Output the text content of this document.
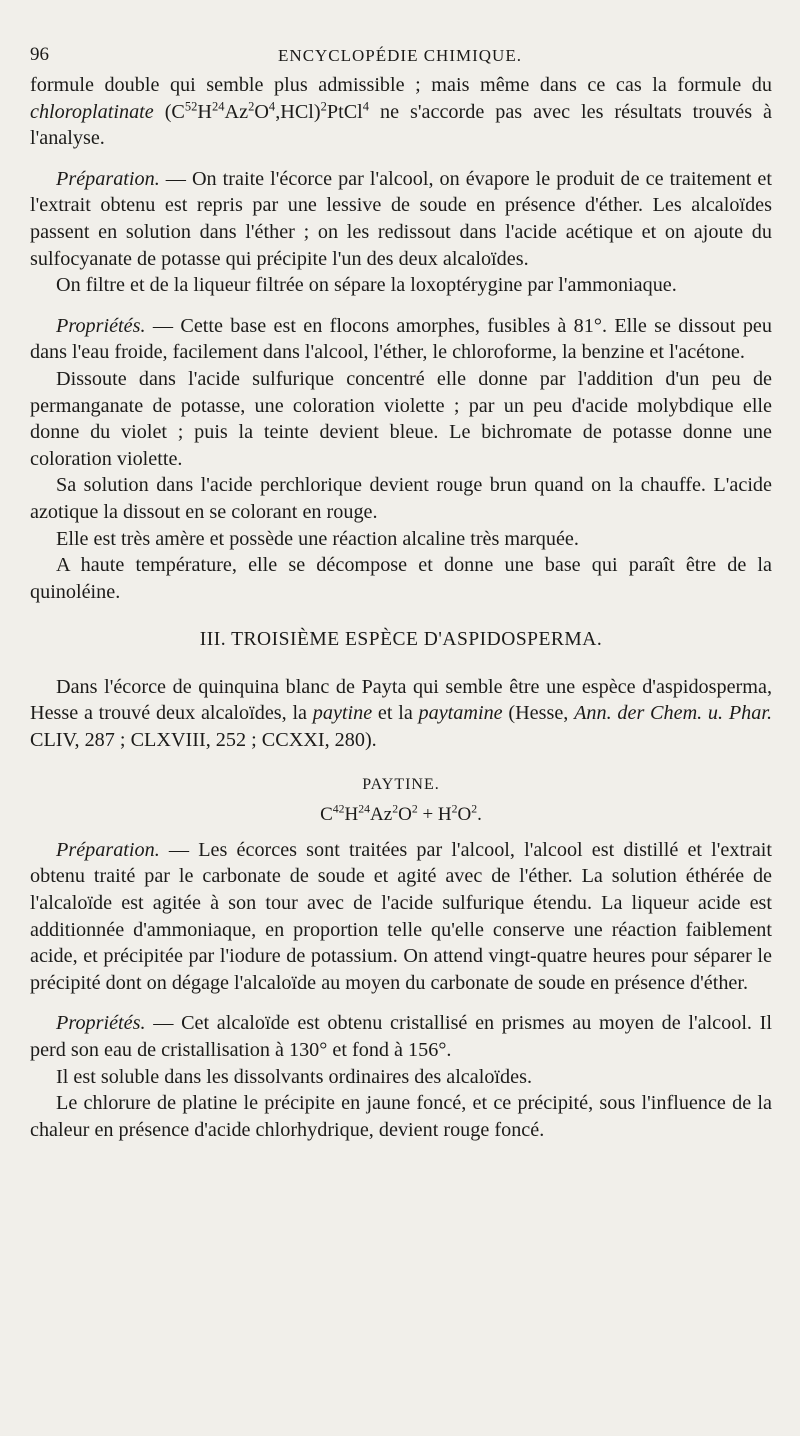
96	ENCYCLOPÉDIE CHIMIQUE.

formule double qui semble plus admissible ; mais même dans ce cas la formule du chloroplatinate $(C^{52}H^{24}Az^2O^4,HCl)^2PtCl^4$ ne s'accorde pas avec les résultats trouvés à l'analyse.

Préparation. — On traite l'écorce par l'alcool, on évapore le produit de ce traitement et l'extrait obtenu est repris par une lessive de soude en présence d'éther. Les alcaloïdes passent en solution dans l'éther ; on les redissout dans l'acide acétique et on ajoute du sulfocyanate de potasse qui précipite l'un des deux alcaloïdes.

On filtre et de la liqueur filtrée on sépare la loxoptérygine par l'ammoniaque.

Propriétés. — Cette base est en flocons amorphes, fusibles à 81°. Elle se dissout peu dans l'eau froide, facilement dans l'alcool, l'éther, le chloroforme, la benzine et l'acétone.

Dissoute dans l'acide sulfurique concentré elle donne par l'addition d'un peu de permanganate de potasse, une coloration violette ; par un peu d'acide molybdique elle donne du violet ; puis la teinte devient bleue. Le bichromate de potasse donne une coloration violette.

Sa solution dans l'acide perchlorique devient rouge brun quand on la chauffe. L'acide azotique la dissout en se colorant en rouge.

Elle est très amère et possède une réaction alcaline très marquée.

A haute température, elle se décompose et donne une base qui paraît être de la quinoléine.

III. TROISIÈME ESPÈCE D'ASPIDOSPERMA.

Dans l'écorce de quinquina blanc de Payta qui semble être une espèce d'aspidosperma, Hesse a trouvé deux alcaloïdes, la paytine et la paytamine (Hesse, Ann. der Chem. u. Phar. CLIV, 287 ; CLXVIII, 252 ; CCXXI, 280).

PAYTINE.
$C^{42}H^{24}Az^2O^2 + H^2O^2$.

Préparation. — Les écorces sont traitées par l'alcool, l'alcool est distillé et l'extrait obtenu traité par le carbonate de soude et agité avec de l'éther. La solution éthérée de l'alcaloïde est agitée à son tour avec de l'acide sulfurique étendu. La liqueur acide est additionnée d'ammoniaque, en proportion telle qu'elle conserve une réaction faiblement acide, et précipitée par l'iodure de potassium. On attend vingt-quatre heures pour séparer le précipité dont on dégage l'alcaloïde au moyen du carbonate de soude en présence d'éther.

Propriétés. — Cet alcaloïde est obtenu cristallisé en prismes au moyen de l'alcool. Il perd son eau de cristallisation à 130° et fond à 156°.

Il est soluble dans les dissolvants ordinaires des alcaloïdes.

Le chlorure de platine le précipite en jaune foncé, et ce précipité, sous l'influence de la chaleur en présence d'acide chlorhydrique, devient rouge foncé.
